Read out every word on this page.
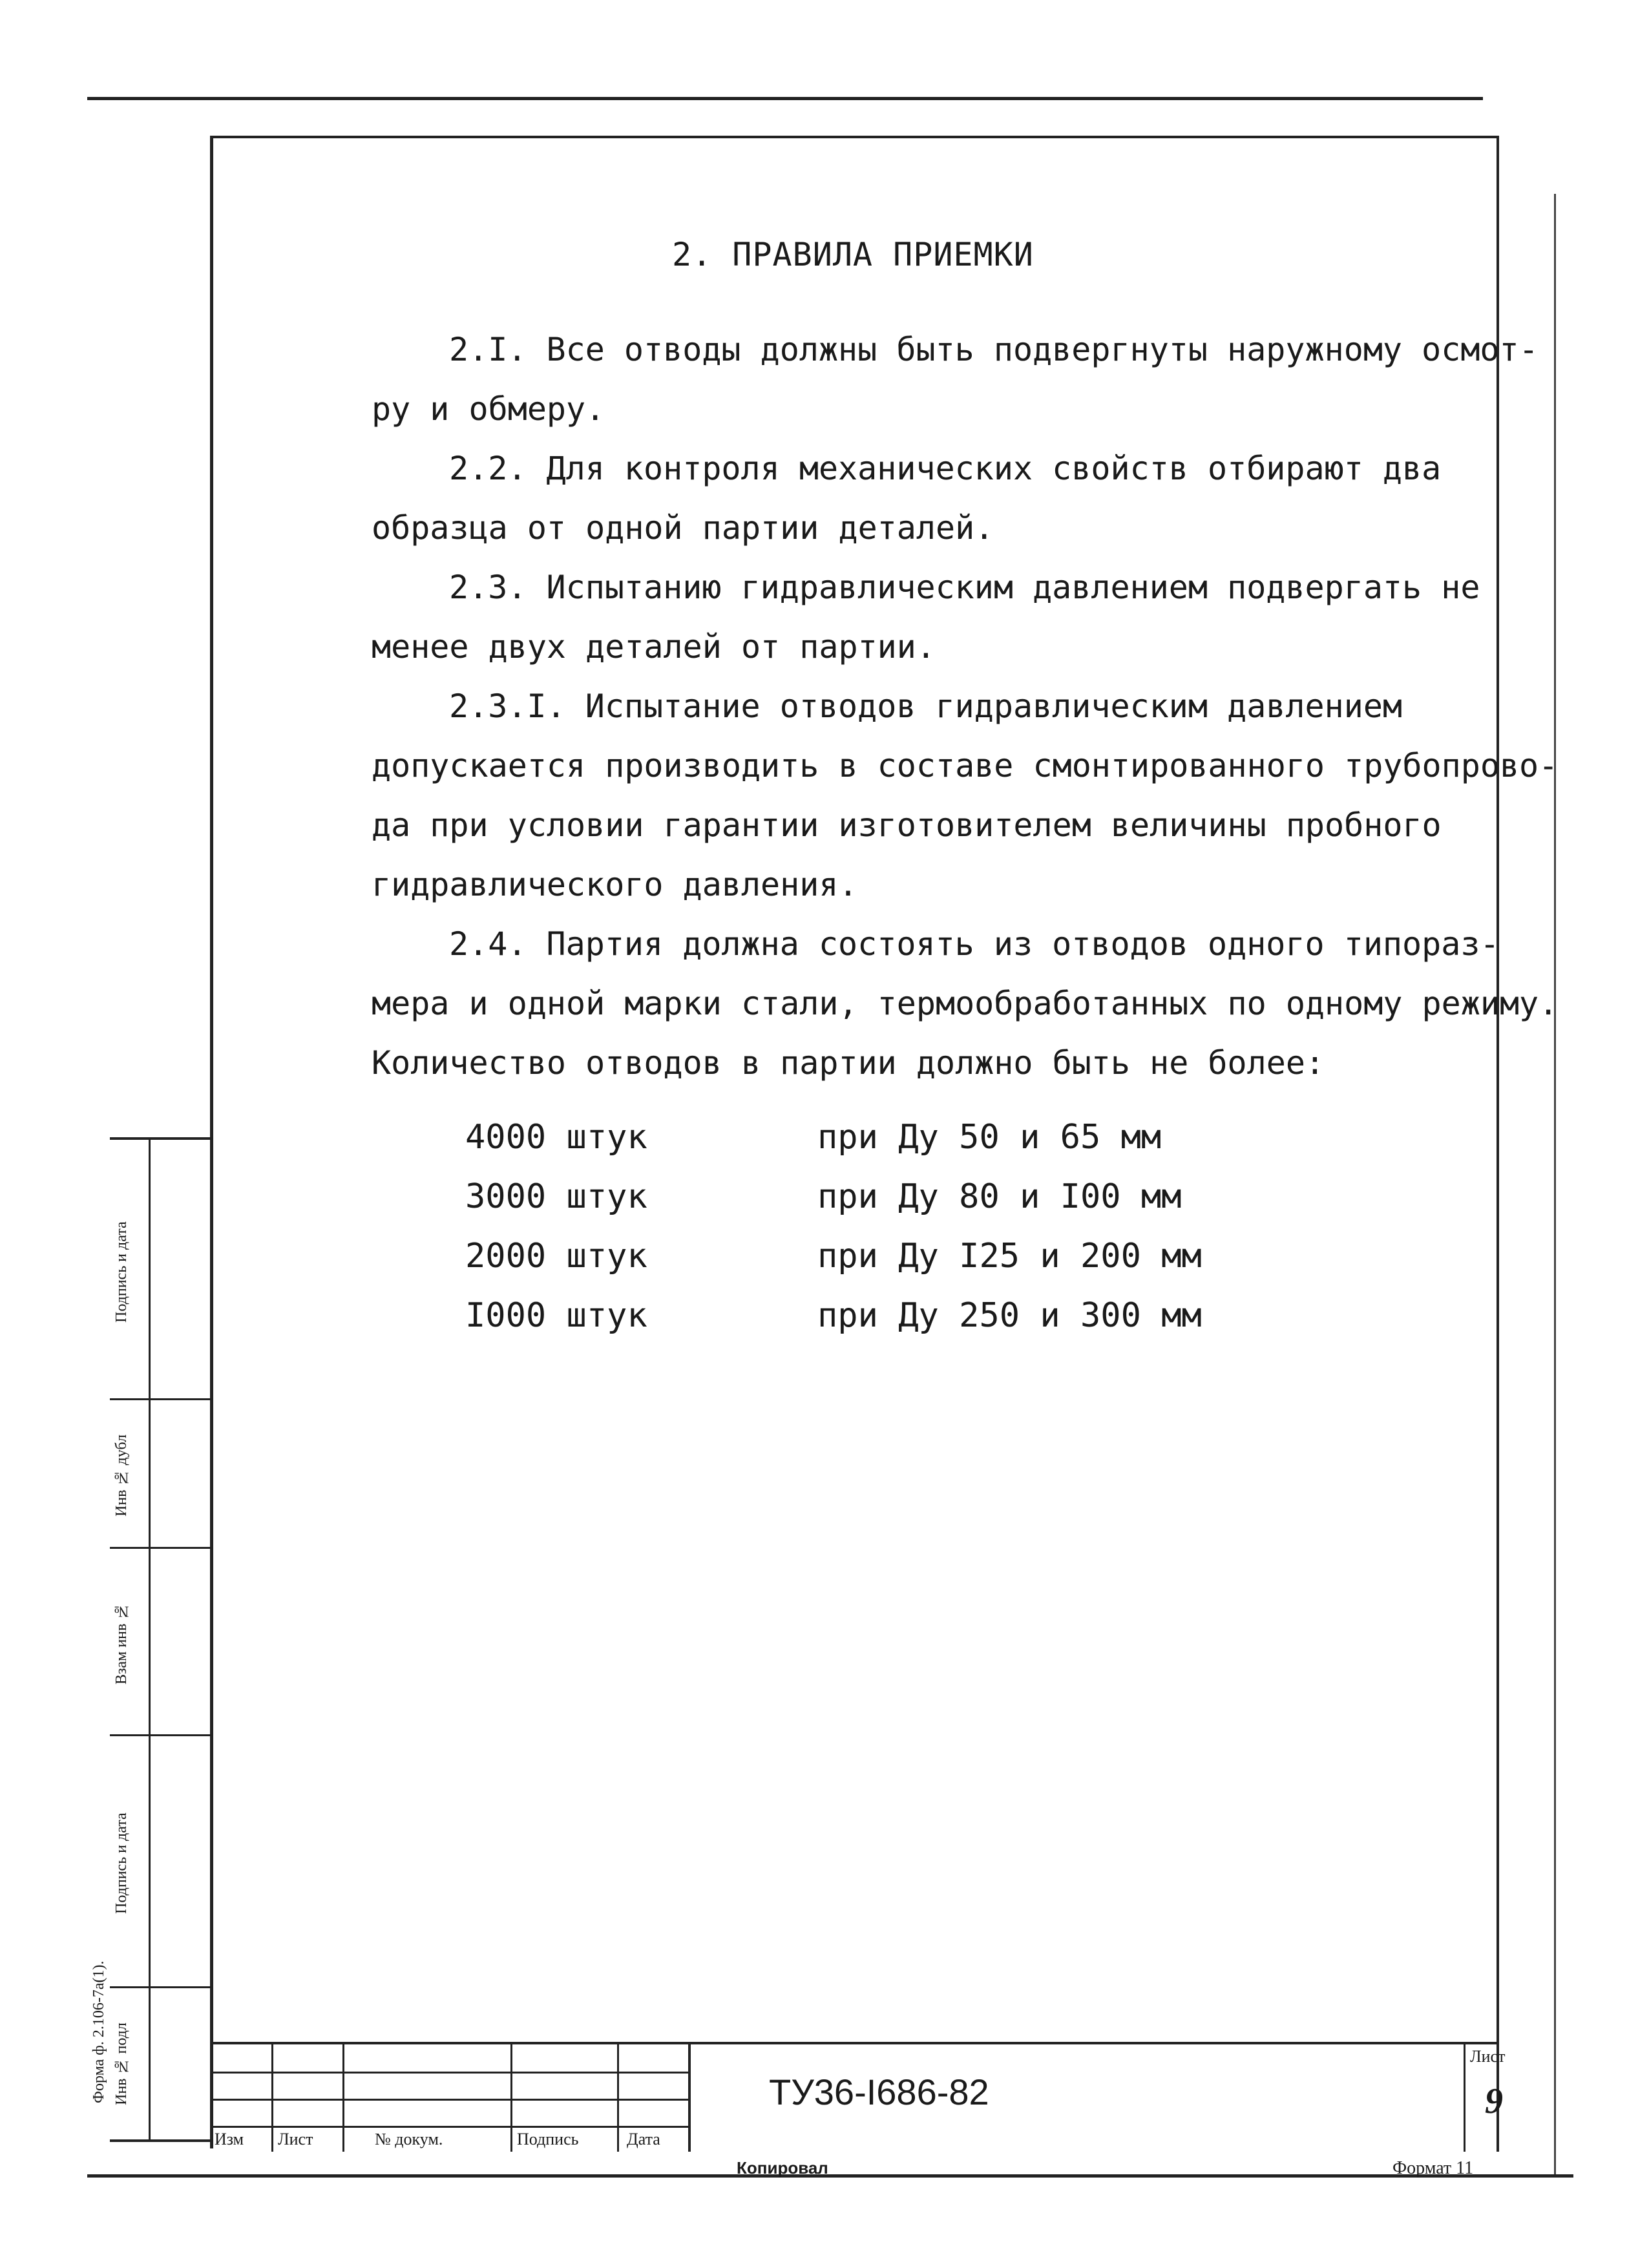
2. ПРАВИЛА ПРИЕМКИ
2.I. Все отводы должны быть подвергнуты наружному осмот-
ру и обмеру.
2.2. Для контроля механических свойств отбирают два
образца от одной партии деталей.
2.3. Испытанию гидравлическим давлением подвергать не
менее двух деталей от партии.
2.3.I. Испытание отводов гидравлическим давлением
допускается производить в составе смонтированного трубопрово-
да при условии гарантии изготовителем величины пробного
гидравлического давления.
2.4. Партия должна состоять из отводов одного типораз-
мера и одной марки стали, термообработанных по одному режиму.
Количество отводов в партии должно быть не более:
4000 штук	при Ду 50 и 65 мм
3000 штук	при Ду 80 и I00 мм
2000 штук	при Ду I25 и 200 мм
I000 штук	при Ду 250 и 300 мм
Подпись и дата
Инв № дубл
Взам инв №
Подпись и дата
Инв № подл
Форма ф. 2.106-7а(1).
Изм Лист	№ докум.	Подпись	Дата
ТУ36-I686-82
Лист
9
Копировал	Формат 11
